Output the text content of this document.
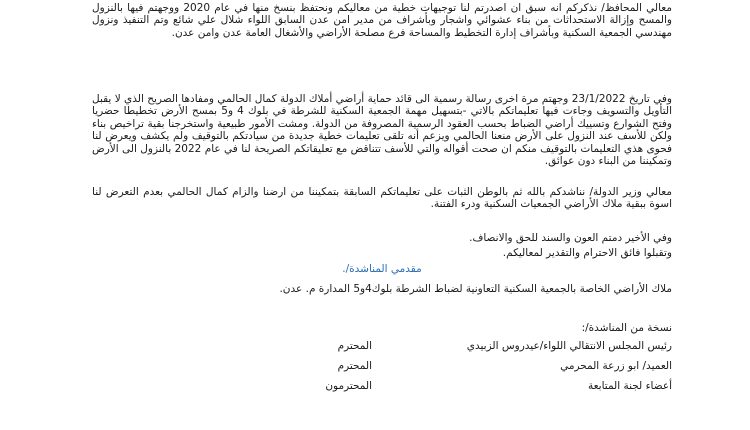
معالي المحافظ/ نذكركم انه سبق ان اصدرتم لنا توجيهات خطية من معاليكم ونحتفظ بنسخ منها في عام 2020 ووجهتم فيها بالنزول والمسح وإزالة الاستحداثات من بناء عشوائي واشجار وبأشراف من مدير امن عدن السابق اللواء شلال علي شائع وتم التنفيذ ونزول مهندسي الجمعية السكنية وبأشراف إدارة التخطيط والمساحة فرع مصلحة الأراضي والأشغال العامة عدن وامن عدن.

وفي تاريخ 23/1/2022 وجهتم مرة اخرى رسالة رسمية الى قائد حماية أراضي أملاك الدولة كمال الحالمي ومفادها الصريح الذي لا يقبل التأويل والتسويف وجاءت فيها تعليماتكم بالاتي -بتسهيل مهمة الجمعية السكنية للشرطة في بلوك 4 و5 بمسح الأرض تخطيطا حضريا وفتح الشوارع وتسييك أراضي الضباط بحسب العقود الرسمية المصروفة من الدولة. ومشت الأمور طبيعية واستخرجنا بقية تراخيص بناء ولكن للأسف عند النزول على الأرض منعنا الحالمي ويزعم أنه تلقى تعليمات خطية جديدة من سيادتكم بالتوقيف ولم يكشف ويعرض لنا فحوى هذي التعليمات بالتوقيف منكم ان صحت أقواله والتي للأسف تتناقض مع تعليقاتكم الصريحة لنا في عام 2022 بالنزول الى الأرض وتمكيننا من البناء دون عوائق.

معالي وزير الدولة/ نناشدكم بالله ثم بالوطن الثبات على تعليماتكم السابقة بتمكيننا من ارضنا والزام كمال الحالمي بعدم التعرض لنا اسوة ببقية ملاك الأراضي الجمعيات السكنية ودرء الفتنة.

وفي الأخير دمتم العون والسند للحق والانصاف.

وتقبلوا فائق الاحترام والتقدير لمعاليكم.

مقدمي المناشدة/.
ملاك الأراضي الخاصة بالجمعية السكنية التعاونية لضباط الشرطة بلوك4و5 المدارة م. عدن.
نسخة من المناشدة/:
رئيس المجلس الانتقالي اللواء/عيدروس الزبيدي
المحترم
العميد/ ابو زرعة المحرمي
المحترم
أعضاء لجنة المتابعة
المحترمون
